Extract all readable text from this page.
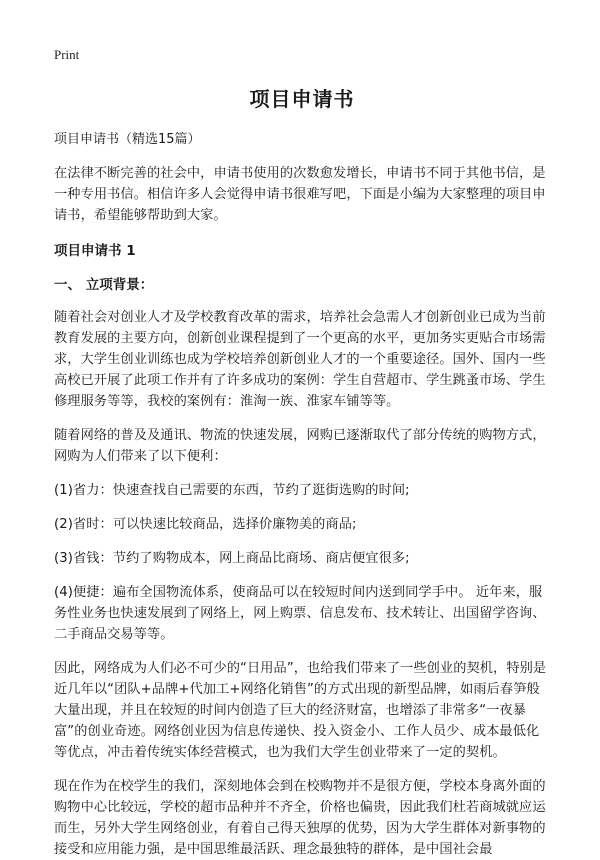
Print
项目申请书
项目申请书（精选15篇）

在法律不断完善的社会中，申请书使用的次数愈发增长，申请书不同于其他书信，是一种专用书信。相信许多人会觉得申请书很难写吧，下面是小编为大家整理的项目申请书，希望能够帮助到大家。

项目申请书 1
一、 立项背景：

随着社会对创业人才及学校教育改革的需求，培养社会急需人才创新创业已成为当前教育发展的主要方向，创新创业课程提到了一个更高的水平，更加务实更贴合市场需求，大学生创业训练也成为学校培养创新创业人才的一个重要途径。国外、国内一些高校已开展了此项工作并有了许多成功的案例：学生自营超市、学生跳蚤市场、学生修理服务等等，我校的案例有：淮淘一族、淮家车铺等等。

随着网络的普及及通讯、物流的快速发展，网购已逐渐取代了部分传统的购物方式，网购为人们带来了以下便利：

(1)省力：快速查找自己需要的东西，节约了逛街选购的时间;

(2)省时：可以快速比较商品，选择价廉物美的商品;

(3)省钱：节约了购物成本，网上商品比商场、商店便宜很多;

(4)便捷：遍布全国物流体系，使商品可以在较短时间内送到同学手中。 近年来，服务性业务也快速发展到了网络上，网上购票、信息发布、技术转让、出国留学咨询、二手商品交易等等。

因此，网络成为人们必不可少的“日用品”，也给我们带来了一些创业的契机，特别是近几年以“团队+品牌+代加工+网络化销售”的方式出现的新型品牌，如雨后春笋般大量出现，并且在较短的时间内创造了巨大的经济财富，也增添了非常多“一夜暴富”的创业奇迹。网络创业因为信息传递快、投入资金小、工作人员少、成本最低化等优点，冲击着传统实体经营模式，也为我们大学生创业带来了一定的契机。

现在作为在校学生的我们，深刻地体会到在校购物并不是很方便，学校本身离外面的购物中心比较远，学校的超市品种并不齐全，价格也偏贵，因此我们杜若商城就应运而生，另外大学生网络创业，有着自己得天独厚的优势，因为大学生群体对新事物的接受和应用能力强，是中国思维最活跃、理念最独特的群体，是中国社会最
